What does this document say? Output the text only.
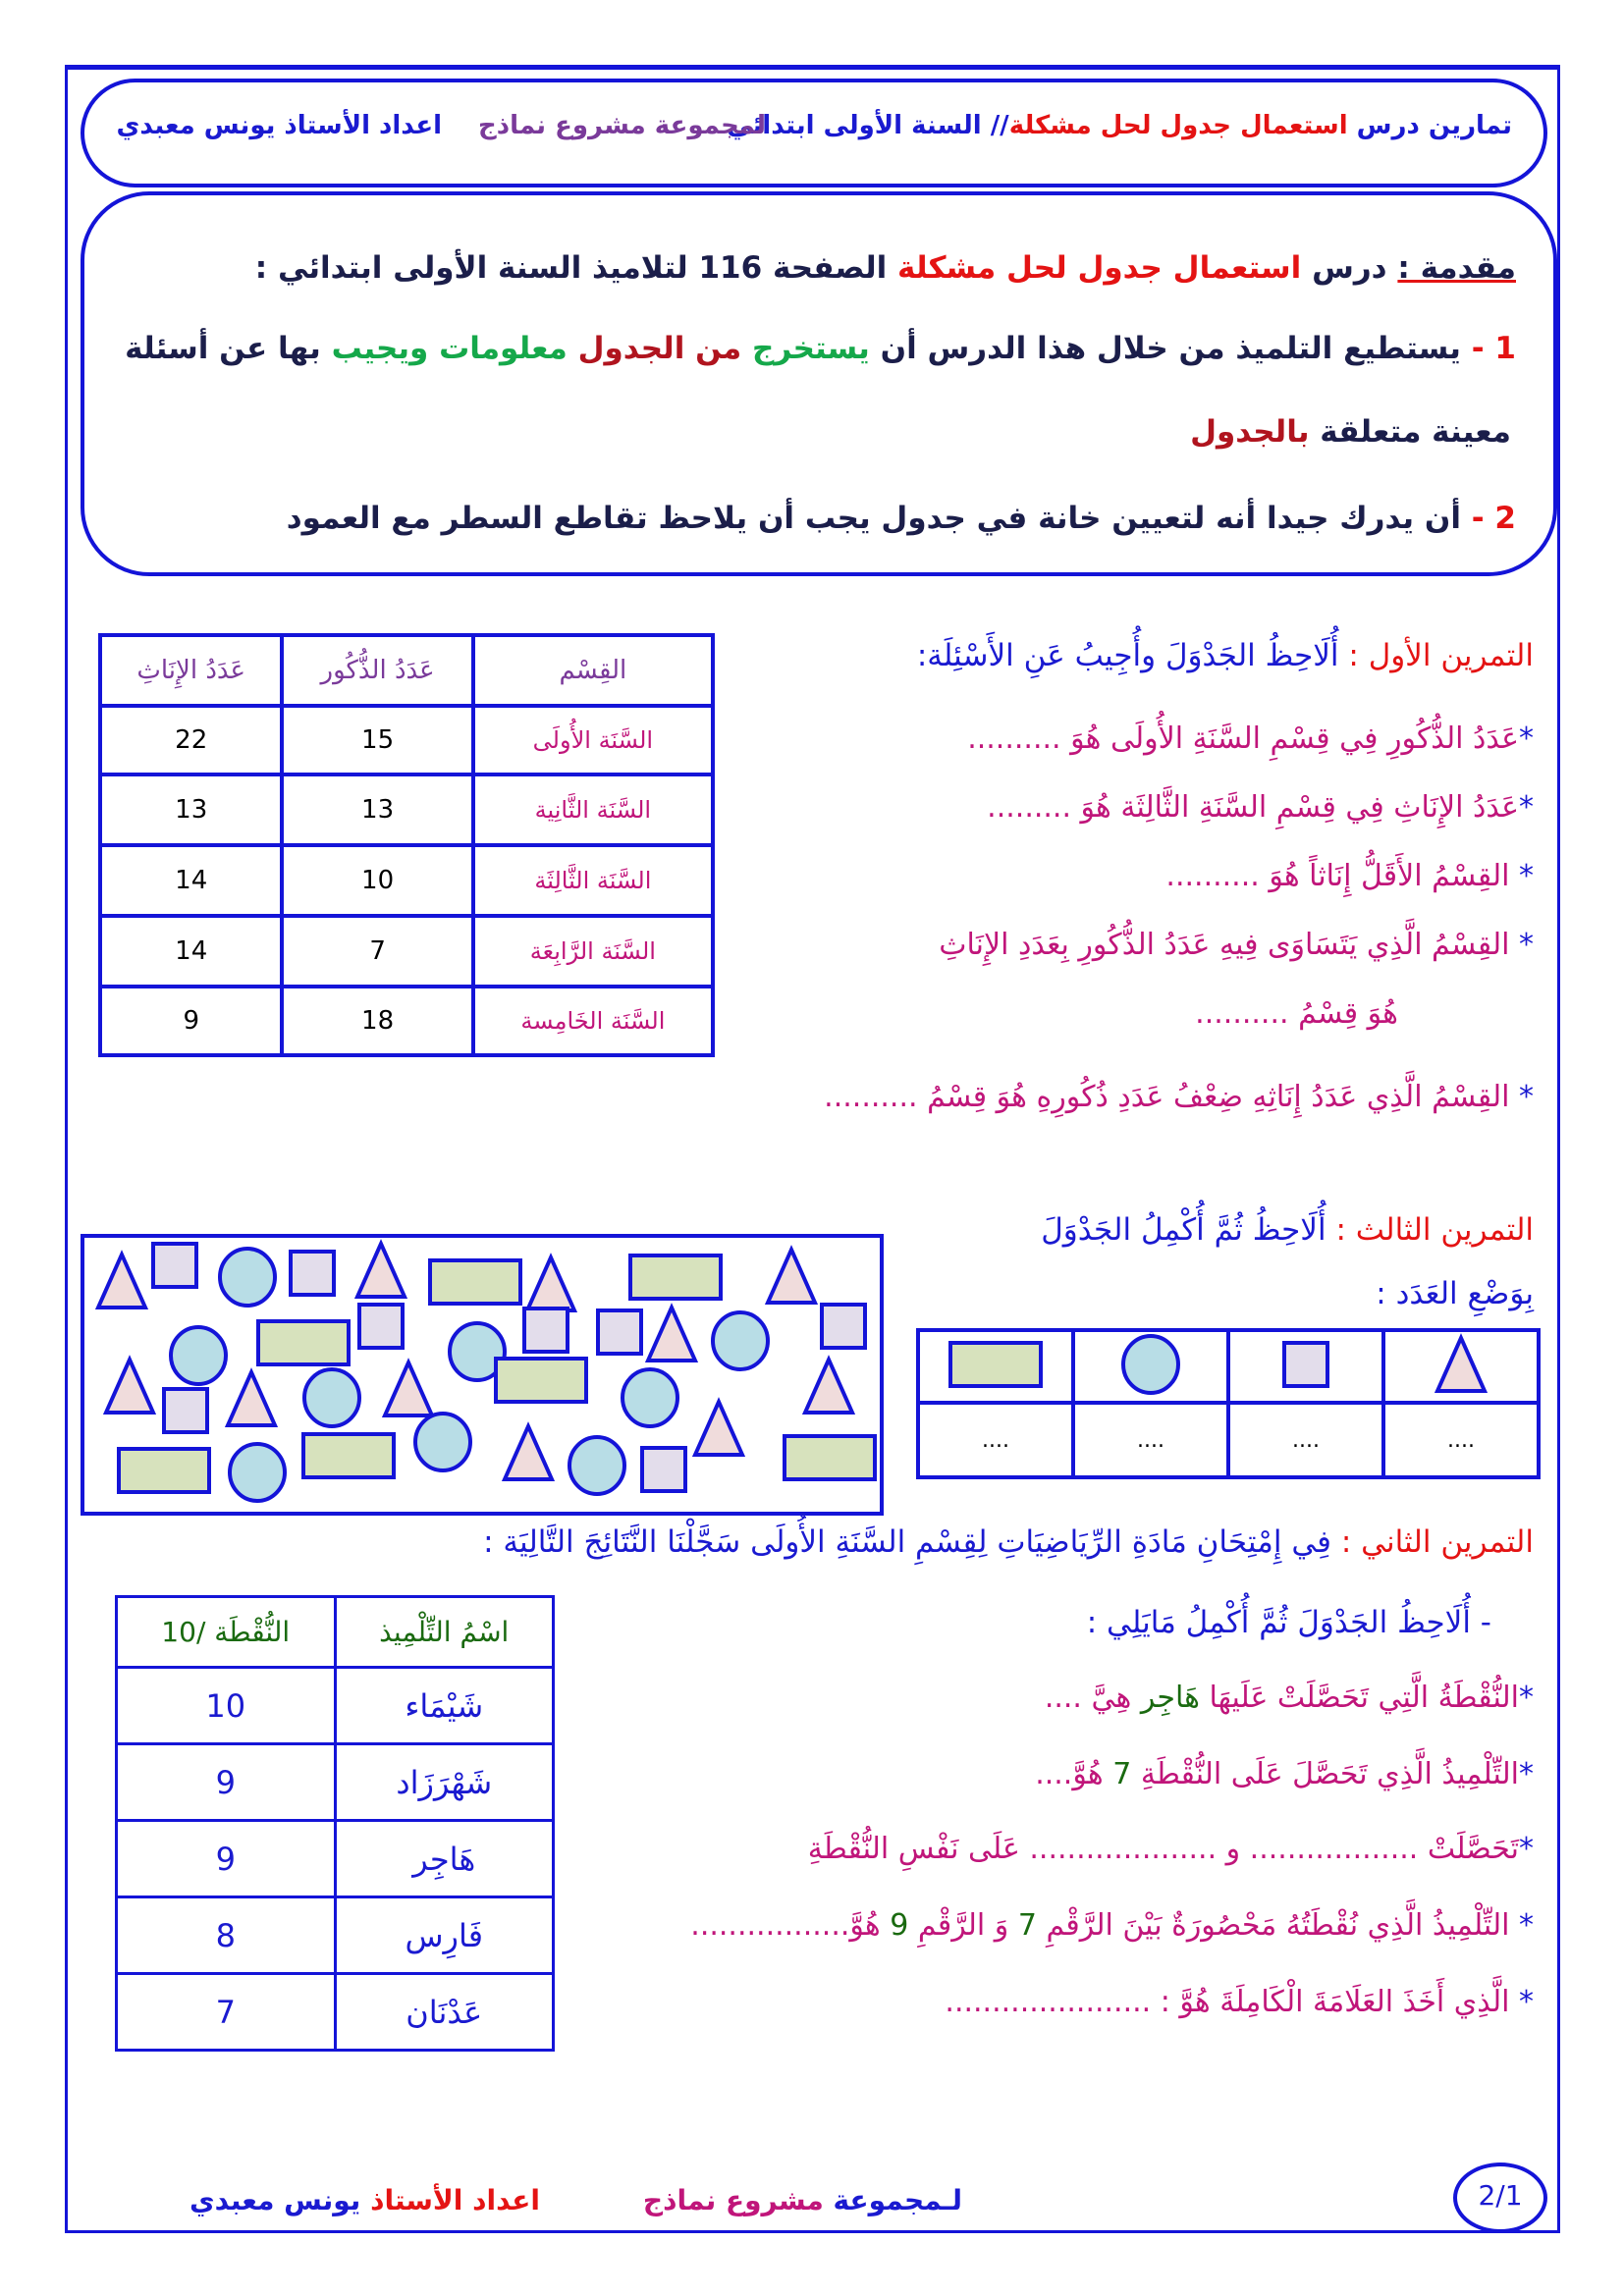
تمارين درس استعمال جدول لحل مشكلة// السنة الأولى ابتدائي
لمجموعة مشروع نماذج
اعداد الأستاذ يونس معبدي
مقدمة : درس استعمال جدول لحل مشكلة الصفحة 116 لتلاميذ السنة الأولى ابتدائي :
1 - يستطيع التلميذ من خلال هذا الدرس أن يستخرج من الجدول معلومات ويجيب بها عن أسئلة
معينة متعلقة بالجدول
2 - أن يدرك جيدا أنه لتعيين خانة في جدول يجب أن يلاحظ تقاطع السطر مع العمود
التمرين الأول : أُلَاحِظُ الجَدْوَلَ وأُجِيبُ عَنِ الأَسْئِلَة:
عَدَدُ الإِنَاثِ	عَدَدُ الذُّكُور	القِسْم
22	15	السَّنَة الأُولَى
13	13	السَّنَة الثَّانِية
14	10	السَّنَة الثَّالِثَة
14	7	السَّنَة الرَّابِعَة
9	18	السَّنَة الخَامِسة
*عَدَدُ الذُّكُورِ فِي قِسْمِ السَّنَةِ الأُولَى هُوَ ..........
*عَدَدُ الإِنَاثِ فِي قِسْمِ السَّنَةِ الثَّالِثَة هُوَ .........
* القِسْمُ الأَقَلُّ إِنَاثاً هُوَ ..........
* القِسْمُ الَّذِي يَتَسَاوَى فِيهِ عَدَدُ الذُّكُورِ بِعَدَدِ الإِنَاثِ
هُوَ قِسْمُ ..........
* القِسْمُ الَّذِي عَدَدُ إِنَاثِهِ ضِعْفُ عَدَدِ ذُكُورِهِ هُوَ قِسْمُ ..........
التمرين الثالث : أُلَاحِظُ ثُمَّ أُكْمِلُ الجَدْوَلَ
بِوَضْعِ العَدَد :

....	....	....	....
التمرين الثاني : فِي إِمْتِحَانِ مَادَةِ الرِّيَاضِيَاتِ لِقِسْمِ السَّنَةِ الأُولَى سَجَّلْنَا النَّتَائِجَ التَّالِيَة :
- أُلَاحِظُ الجَدْوَلَ ثُمَّ أُكْمِلُ مَايَلِي :
النُّقْطَة /10	اسْمُ التِّلْمِيذ
10	شَيْمَاء
9	شَهْرَزَاد
9	هَاجِر
8	فَارِس
7	عَدْنَان
*النُّقْطَةُ الَّتِي تَحَصَّلَتْ عَلَيهَا هَاجِر هِيَّ ....
*التِّلْمِيذُ الَّذِي تَحَصَّلَ عَلَى النُّقْطَةِ 7 هُوَّ....
*تَحَصَّلَتْ .................. و .................... عَلَى نَفْسِ النُّقْطَةِ
* التِّلْمِيذُ الَّذِي نُقْطَتُهُ مَحْصُورَةٌ بَيْنَ الرَّقْمِ 7 وَ الرَّقْمِ 9 هُوَّ.................
* الَّذِي أَخَذَ العَلَامَةَ الْكَامِلَةَ هُوَّ : ......................
2/1
لـمجموعة مشروع نماذج
اعداد الأستاذ يونس معبدي
